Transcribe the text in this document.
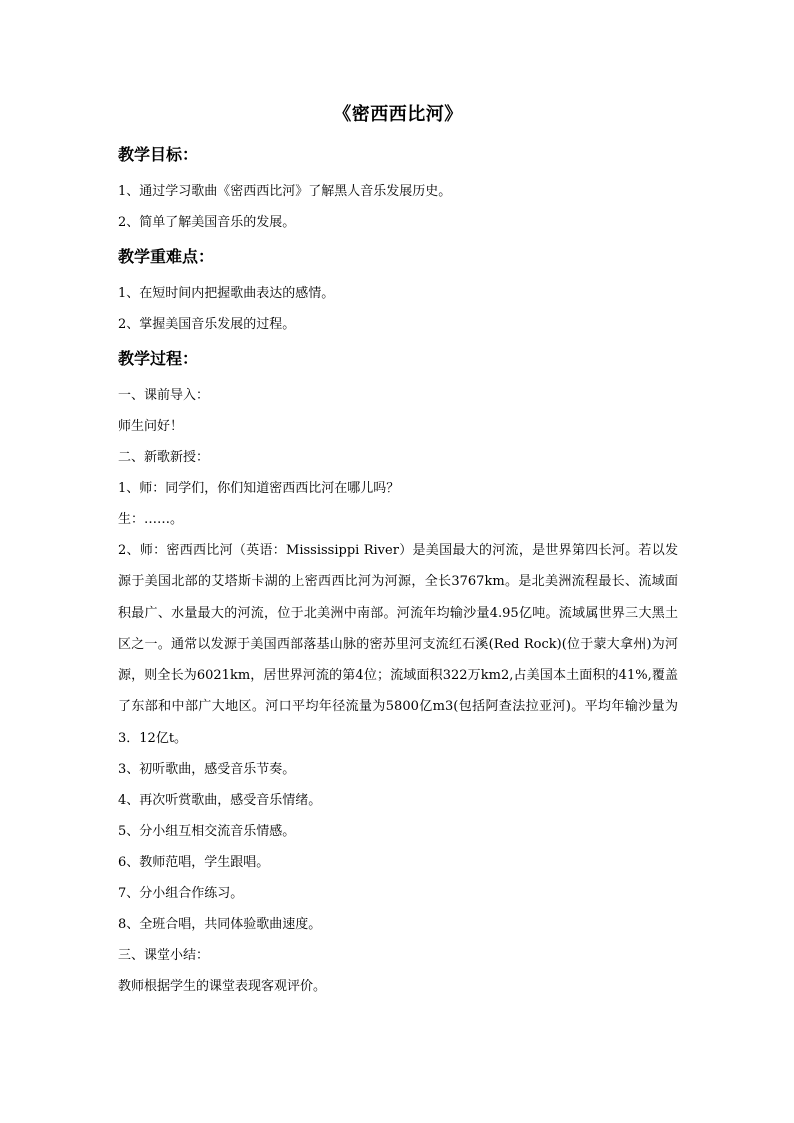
《密西西比河》
教学目标：

1、通过学习歌曲《密西西比河》了解黑人音乐发展历史。

2、简单了解美国音乐的发展。

教学重难点：

1、在短时间内把握歌曲表达的感情。

2、掌握美国音乐发展的过程。

教学过程：

一、课前导入：

师生问好！

二、新歌新授：

1、师：同学们，你们知道密西西比河在哪儿吗？

生：……。

2、师：密西西比河（英语：Mississippi River）是美国最大的河流，是世界第四长河。若以发源于美国北部的艾塔斯卡湖的上密西西比河为河源，全长3767km。是北美洲流程最长、流域面积最广、水量最大的河流，位于北美洲中南部。河流年均输沙量4.95亿吨。流域属世界三大黑土区之一。通常以发源于美国西部落基山脉的密苏里河支流红石溪(Red Rock)(位于蒙大拿州)为河源，则全长为6021km，居世界河流的第4位；流域面积322万km2,占美国本土面积的41%,覆盖了东部和中部广大地区。河口平均年径流量为5800亿m3(包括阿查法拉亚河)。平均年输沙量为3．12亿t。

3、初听歌曲，感受音乐节奏。

4、再次听赏歌曲，感受音乐情绪。

5、分小组互相交流音乐情感。

6、教师范唱，学生跟唱。

7、分小组合作练习。

8、全班合唱，共同体验歌曲速度。

三、课堂小结：

教师根据学生的课堂表现客观评价。
